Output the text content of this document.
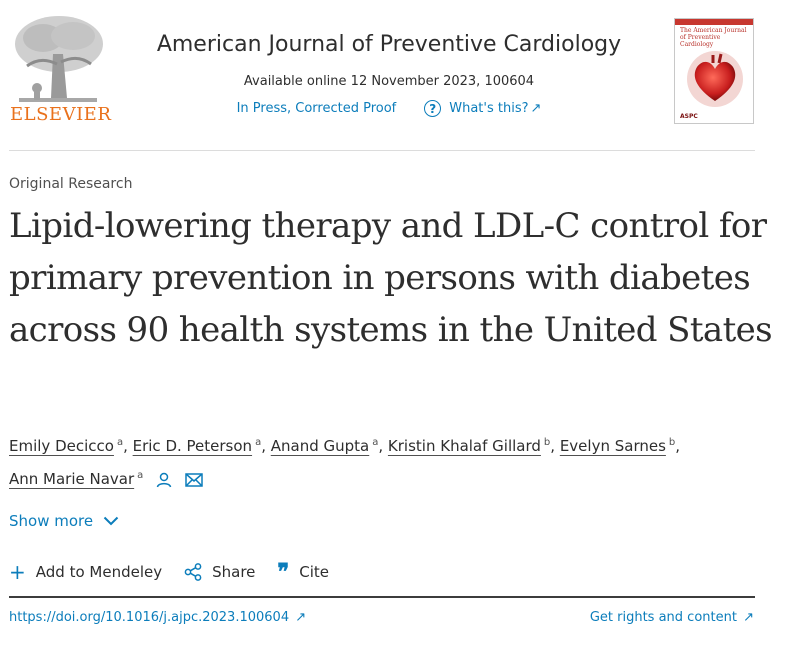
ELSEVIER
American Journal of Preventive Cardiology
Available online 12 November 2023, 100604
In Press, Corrected Proof	?	What's this? ↗
The American Journal of Preventive Cardiology
ASPC
Original Research
Lipid-lowering therapy and LDL-C control for primary prevention in persons with diabetes across 90 health systems in the United States
Emily Decicco $^a$, Eric D. Peterson $^a$, Anand Gupta $^a$, Kristin Khalaf Gillard $^b$, Evelyn Sarnes $^b$,
Ann Marie Navar $^a$
Show more
+ Add to Mendeley	Share ❞ Cite
https://doi.org/10.1016/j.ajpc.2023.100604 ↗	Get rights and content ↗
